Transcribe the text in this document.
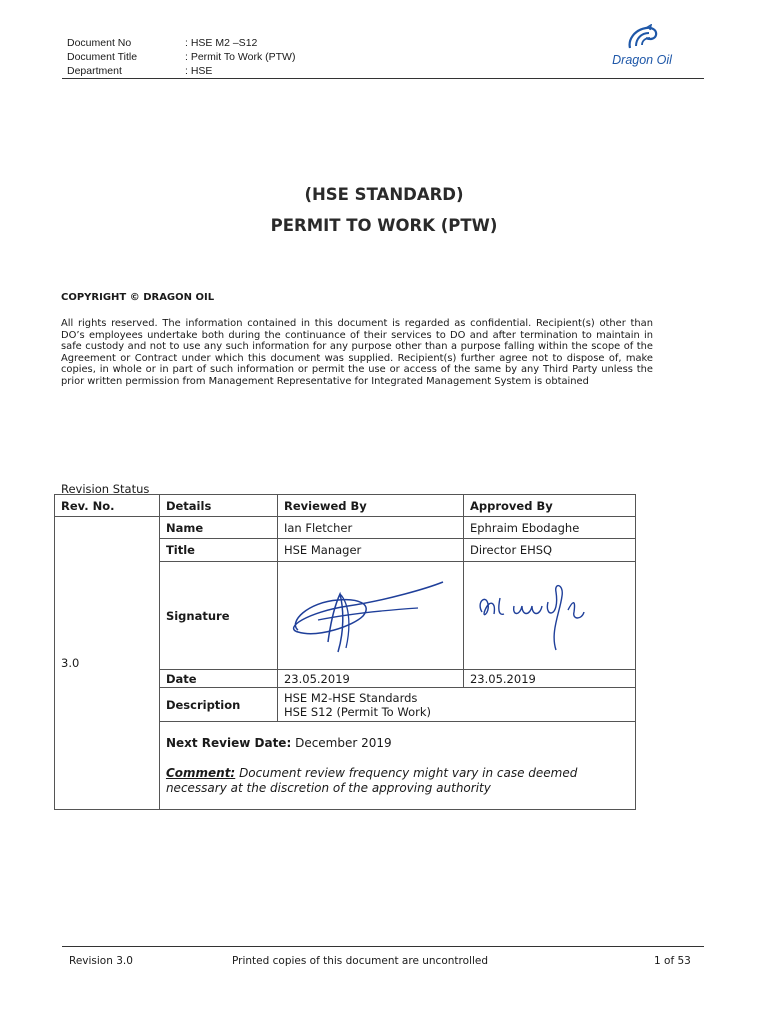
Document No	: HSE M2 –S12
Document Title	: Permit To Work (PTW)
Department	: HSE
Dragon Oil
(HSE STANDARD)
PERMIT TO WORK (PTW)
COPYRIGHT © DRAGON OIL
All rights reserved. The information contained in this document is regarded as confidential. Recipient(s) other than DO’s employees undertake both during the continuance of their services to DO and after termination to maintain in safe custody and not to use any such information for any purpose other than a purpose falling within the scope of the Agreement or Contract under which this document was supplied. Recipient(s) further agree not to dispose of, make copies, in whole or in part of such information or permit the use or access of the same by any Third Party unless the prior written permission from Management Representative for Integrated Management System is obtained
Revision Status
Rev. No.	Details	Reviewed By	Approved By
3.0	Name	Ian Fletcher	Ephraim Ebodaghe
	Title	HSE Manager	Director EHSQ
	Signature		
	Date	23.05.2019	23.05.2019
	Description	HSE M2-HSE Standards
HSE S12 (Permit To Work)	

	Next Review Date: December 2019
Comment: Document review frequency might vary in case deemed necessary at the discretion of the approving authority		
Revision 3.0	Printed copies of this document are uncontrolled	1 of 53
